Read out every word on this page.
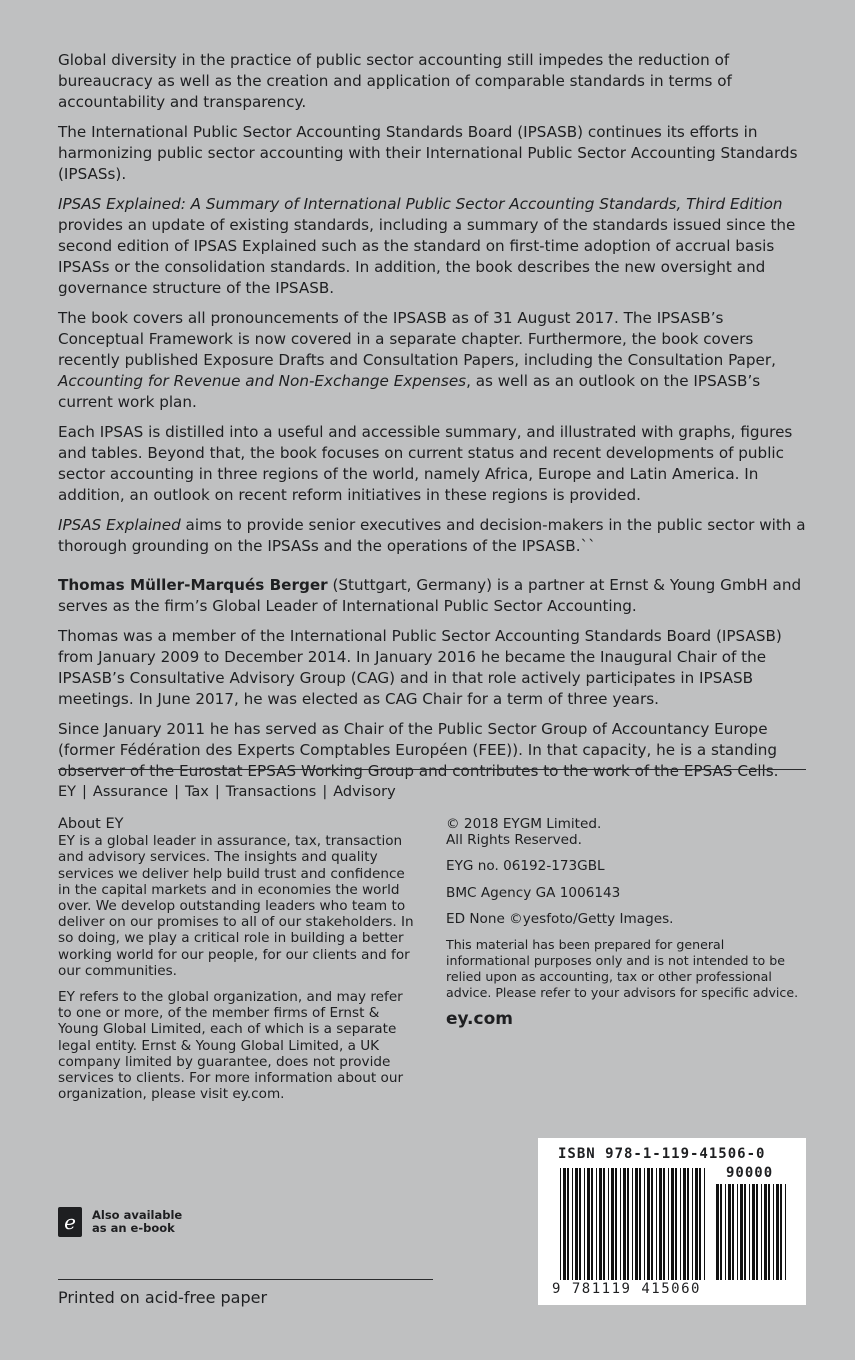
Global diversity in the practice of public sector accounting still impedes the reduction of bureaucracy as well as the creation and application of comparable standards in terms of accountability and transparency.

The International Public Sector Accounting Standards Board (IPSASB) continues its efforts in harmonizing public sector accounting with their International Public Sector Accounting Standards (IPSASs).

IPSAS Explained: A Summary of International Public Sector Accounting Standards, Third Edition provides an update of existing standards, including a summary of the standards issued since the second edition of IPSAS Explained such as the standard on first-time adoption of accrual basis IPSASs or the consolidation standards. In addition, the book describes the new oversight and governance structure of the IPSASB.

The book covers all pronouncements of the IPSASB as of 31 August 2017. The IPSASB’s Conceptual Framework is now covered in a separate chapter. Furthermore, the book covers recently published Exposure Drafts and Consultation Papers, including the Consultation Paper, Accounting for Revenue and Non-Exchange Expenses, as well as an outlook on the IPSASB’s current work plan.

Each IPSAS is distilled into a useful and accessible summary, and illustrated with graphs, figures and tables. Beyond that, the book focuses on current status and recent developments of public sector accounting in three regions of the world, namely Africa, Europe and Latin America. In addition, an outlook on recent reform initiatives in these regions is provided.

IPSAS Explained aims to provide senior executives and decision-makers in the public sector with a thorough grounding on the IPSASs and the operations of the IPSASB.``

Thomas Müller-Marqués Berger (Stuttgart, Germany) is a partner at Ernst & Young GmbH and serves as the firm’s Global Leader of International Public Sector Accounting.

Thomas was a member of the International Public Sector Accounting Standards Board (IPSASB) from January 2009 to December 2014. In January 2016 he became the Inaugural Chair of the IPSASB’s Consultative Advisory Group (CAG) and in that role actively participates in IPSASB meetings. In June 2017, he was elected as CAG Chair for a term of three years.

Since January 2011 he has served as Chair of the Public Sector Group of Accountancy Europe (former Fédération des Experts Comptables Européen (FEE)). In that capacity, he is a standing observer of the Eurostat EPSAS Working Group and contributes to the work of the EPSAS Cells.

EY | Assurance | Tax | Transactions | Advisory
About EY

EY is a global leader in assurance, tax, transaction and advisory services. The insights and quality services we deliver help build trust and confidence in the capital markets and in economies the world over. We develop outstanding leaders who team to deliver on our promises to all of our stakeholders. In so doing, we play a critical role in building a better working world for our people, for our clients and for our communities.

EY refers to the global organization, and may refer to one or more, of the member firms of Ernst & Young Global Limited, each of which is a separate legal entity. Ernst & Young Global Limited, a UK company limited by guarantee, does not provide services to clients. For more information about our organization, please visit ey.com.

© 2018 EYGM Limited.

All Rights Reserved.

EYG no. 06192-173GBL

BMC Agency GA 1006143

ED None ©yesfoto/Getty Images.

This material has been prepared for general informational purposes only and is not intended to be relied upon as accounting, tax or other professional advice. Please refer to your advisors for specific advice.

ey.com
e	Also available
as an e-book
Printed on acid-free paper
ISBN 978-1-119-41506-0
90000
9 781119 415060
